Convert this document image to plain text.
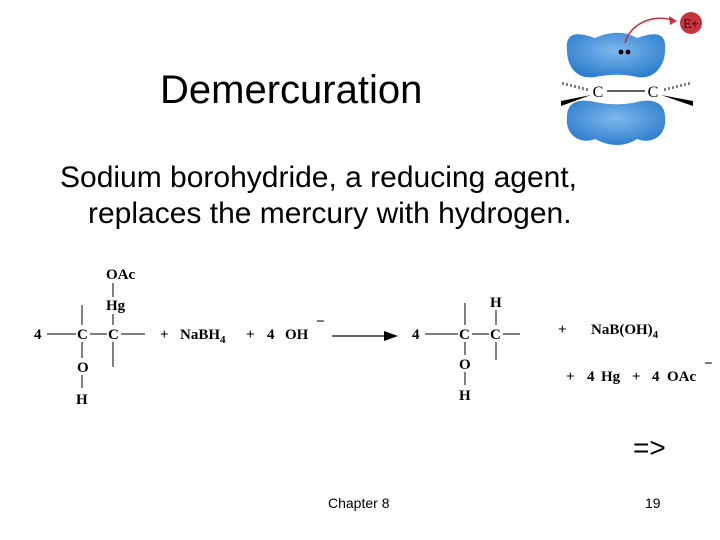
Demercuration
Sodium borohydride, a reducing agent,
replaces the mercury with hydrogen.
E+
C	C
4 C C
O
H
OAc
Hg
+ NaBH$_4$ + 4 OH
−
4	C C
O
H
H
+ $NaB(OH)_4$
+ 4 Hg + 4 OAc
−
=>
Chapter 8	19
